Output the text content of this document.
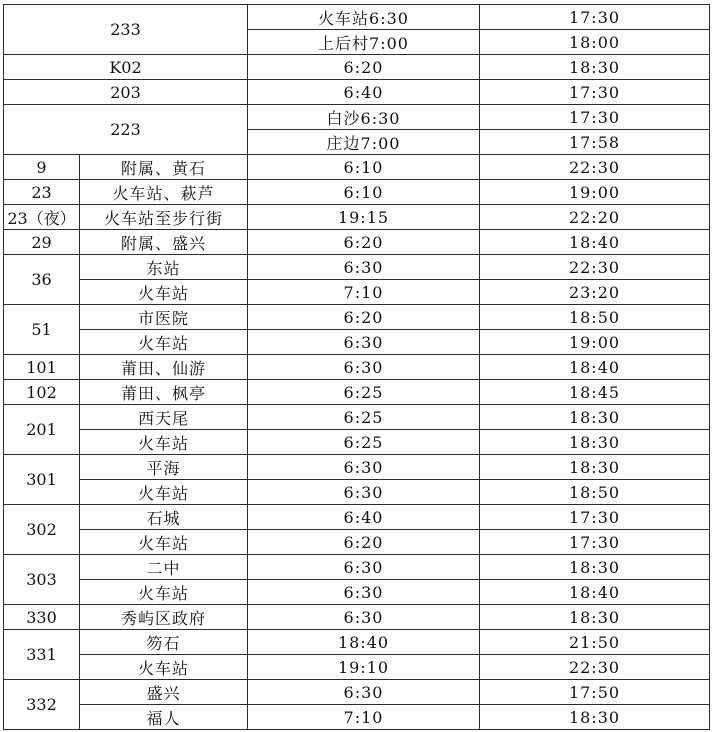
233		火车站6:30	17:30
		上后村7:00	18:00
K02		6:20	18:30
203		6:40	17:30
223		白沙6:30	17:30
		庄边7:00	17:58
9	附属、黄石	6:10	22:30
23	火车站、萩芦	6:10	19:00
23（夜）	火车站至步行街	19:15	22:20
29	附属、盛兴	6:20	18:40
36	东站	6:30	22:30
	火车站	7:10	23:20
51	市医院	6:20	18:50
	火车站	6:30	19:00
101	莆田、仙游	6:30	18:40
102	莆田、枫亭	6:25	18:45
201	西天尾	6:25	18:30
	火车站	6:25	18:30
301	平海	6:30	18:30
	火车站	6:30	18:50
302	石城	6:40	17:30
	火车站	6:20	17:30
303	二中	6:30	18:30
	火车站	6:30	18:40
330	秀屿区政府	6:30	18:30
331	笏石	18:40	21:50
	火车站	19:10	22:30
332	盛兴	6:30	17:50
	福人	7:10	18:30
